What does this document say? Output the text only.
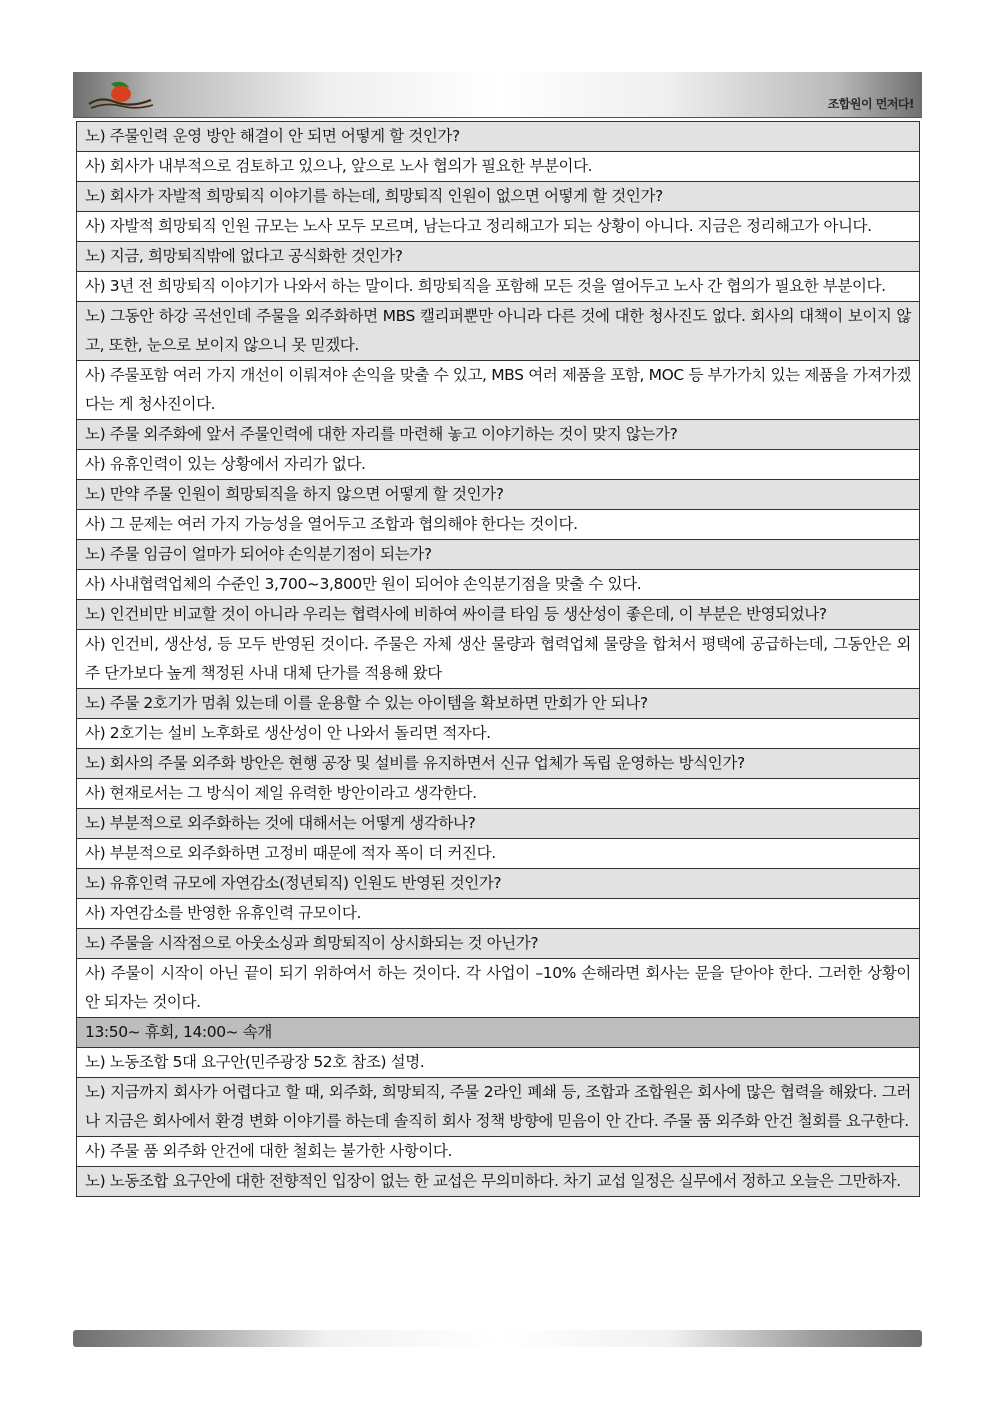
조합원이 먼저다!
노) 주물인력 운영 방안 해결이 안 되면 어떻게 할 것인가?
사) 회사가 내부적으로 검토하고 있으나, 앞으로 노사 협의가 필요한 부분이다.
노) 회사가 자발적 희망퇴직 이야기를 하는데, 희망퇴직 인원이 없으면 어떻게 할 것인가?
사) 자발적 희망퇴직 인원 규모는 노사 모두 모르며, 남는다고 정리해고가 되는 상황이 아니다. 지금은 정리해고가 아니다.
노) 지금, 희망퇴직밖에 없다고 공식화한 것인가?
사) 3년 전 희망퇴직 이야기가 나와서 하는 말이다. 희망퇴직을 포함해 모든 것을 열어두고 노사 간 협의가 필요한 부분이다.
노) 그동안 하강 곡선인데 주물을 외주화하면 MBS 캘리퍼뿐만 아니라 다른 것에 대한 청사진도 없다. 회사의 대책이 보이지 않고, 또한, 눈으로 보이지 않으니 못 믿겠다.
사) 주물포함 여러 가지 개선이 이뤄져야 손익을 맞출 수 있고, MBS 여러 제품을 포함, MOC 등 부가가치 있는 제품을 가져가겠다는 게 청사진이다.
노) 주물 외주화에 앞서 주물인력에 대한 자리를 마련해 놓고 이야기하는 것이 맞지 않는가?
사) 유휴인력이 있는 상황에서 자리가 없다.
노) 만약 주물 인원이 희망퇴직을 하지 않으면 어떻게 할 것인가?
사) 그 문제는 여러 가지 가능성을 열어두고 조합과 협의해야 한다는 것이다.
노) 주물 임금이 얼마가 되어야 손익분기점이 되는가?
사) 사내협력업체의 수준인 3,700~3,800만 원이 되어야 손익분기점을 맞출 수 있다.
노) 인건비만 비교할 것이 아니라 우리는 협력사에 비하여 싸이클 타임 등 생산성이 좋은데, 이 부분은 반영되었나?
사) 인건비, 생산성, 등 모두 반영된 것이다. 주물은 자체 생산 물량과 협력업체 물량을 합쳐서 평택에 공급하는데, 그동안은 외주 단가보다 높게 책정된 사내 대체 단가를 적용해 왔다
노) 주물 2호기가 멈춰 있는데 이를 운용할 수 있는 아이템을 확보하면 만회가 안 되나?
사) 2호기는 설비 노후화로 생산성이 안 나와서 돌리면 적자다.
노) 회사의 주물 외주화 방안은 현행 공장 및 설비를 유지하면서 신규 업체가 독립 운영하는 방식인가?
사) 현재로서는 그 방식이 제일 유력한 방안이라고 생각한다.
노) 부분적으로 외주화하는 것에 대해서는 어떻게 생각하나?
사) 부분적으로 외주화하면 고정비 때문에 적자 폭이 더 커진다.
노) 유휴인력 규모에 자연감소(정년퇴직) 인원도 반영된 것인가?
사) 자연감소를 반영한 유휴인력 규모이다.
노) 주물을 시작점으로 아웃소싱과 희망퇴직이 상시화되는 것 아닌가?
사) 주물이 시작이 아닌 끝이 되기 위하여서 하는 것이다. 각 사업이 –10% 손해라면 회사는 문을 닫아야 한다. 그러한 상황이 안 되자는 것이다.
13:50~ 휴회, 14:00~ 속개
노) 노동조합 5대 요구안(민주광장 52호 참조) 설명.
노) 지금까지 회사가 어렵다고 할 때, 외주화, 희망퇴직, 주물 2라인 폐쇄 등, 조합과 조합원은 회사에 많은 협력을 해왔다. 그러나 지금은 회사에서 환경 변화 이야기를 하는데 솔직히 회사 정책 방향에 믿음이 안 간다. 주물 품 외주화 안건 철회를 요구한다.
사) 주물 품 외주화 안건에 대한 철회는 불가한 사항이다.
노) 노동조합 요구안에 대한 전향적인 입장이 없는 한 교섭은 무의미하다. 차기 교섭 일정은 실무에서 정하고 오늘은 그만하자.
